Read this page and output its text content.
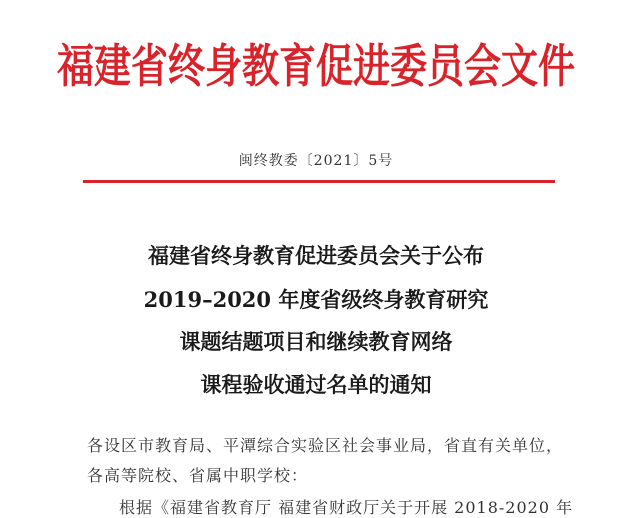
福建省终身教育促进委员会文件
闽终教委〔2021〕5号
福建省终身教育促进委员会关于公布
2019–2020 年度省级终身教育研究
课题结题项目和继续教育网络
课程验收通过名单的通知
各设区市教育局、平潭综合实验区社会事业局，省直有关单位，
各高等院校、省属中职学校：
根据《福建省教育厅 福建省财政厅关于开展 2018-2020 年
